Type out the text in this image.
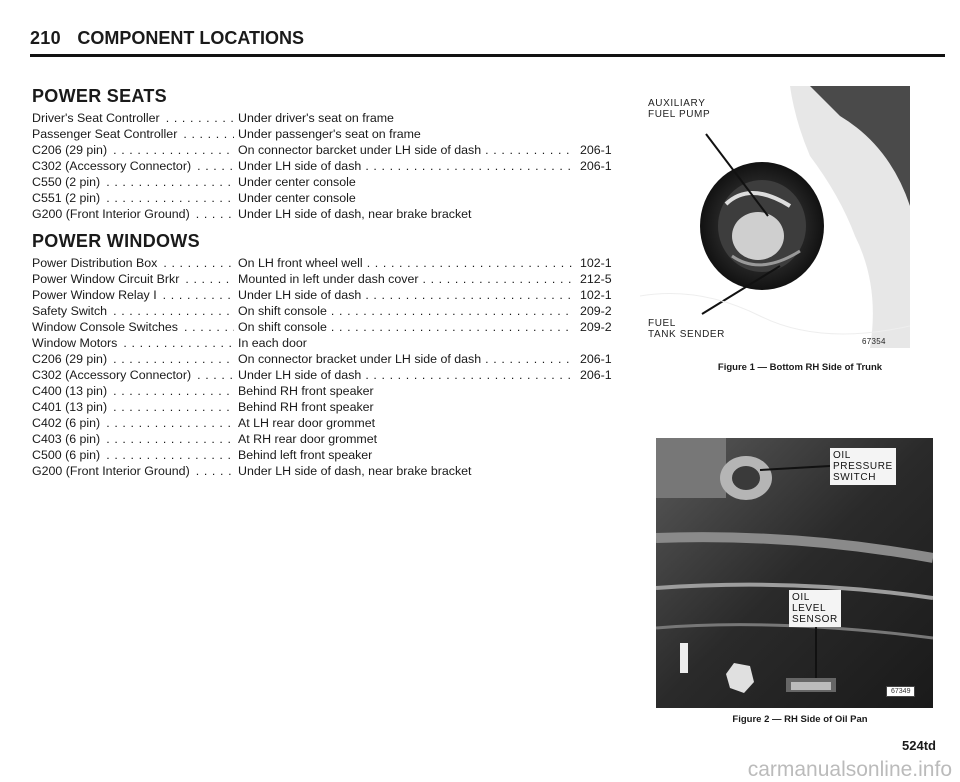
210 COMPONENT LOCATIONS
POWER SEATS
Driver's Seat Controller . . .	Under driver's seat on frame
Passenger Seat Controller . . .	Under passenger's seat on frame
C206 (29 pin) . . .	On connector barcket under LH side of dash . . .	206-1
C302 (Accessory Connector) . . .	Under LH side of dash . . .	206-1
C550 (2 pin) . . .	Under center console
C551 (2 pin) . . .	Under center console
G200 (Front Interior Ground) . . .	Under LH side of dash, near brake bracket
POWER WINDOWS
Power Distribution Box . . .	On LH front wheel well . . .	102-1
Power Window Circuit Brkr . . .	Mounted in left under dash cover . . .	212-5
Power Window Relay I . . .	Under LH side of dash . . .	102-1
Safety Switch . . .	On shift console . . .	209-2
Window Console Switches . . .	On shift console . . .	209-2
Window Motors . . .	In each door
C206 (29 pin) . . .	On connector bracket under LH side of dash . . .	206-1
C302 (Accessory Connector) . . .	Under LH side of dash . . .	206-1
C400 (13 pin) . . .	Behind RH front speaker
C401 (13 pin) . . .	Behind RH front speaker
C402 (6 pin) . . .	At LH rear door grommet
C403 (6 pin) . . .	At RH rear door grommet
C500 (6 pin) . . .	Behind left front speaker
G200 (Front Interior Ground) . . .	Under LH side of dash, near brake bracket
AUXILIARY
FUEL PUMP
FUEL
TANK SENDER
67354
Figure 1 — Bottom RH Side of Trunk
OIL
PRESSURE
SWITCH
OIL
LEVEL
SENSOR
67349
Figure 2 — RH Side of Oil Pan
524td
carmanualsonline.info
